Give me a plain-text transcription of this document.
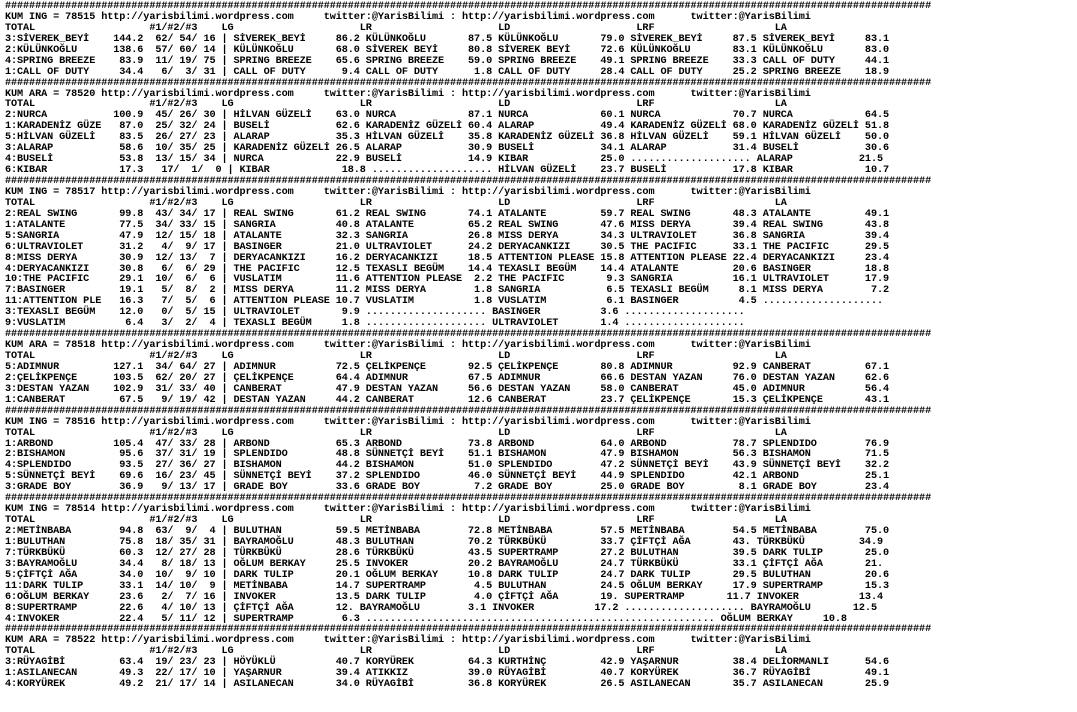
##########################################################################################################################################################
KUM ING = 78515 http://yarisbilimi.wordpress.com     twitter:@YarisBilimi : http://yarisbilimi.wordpress.com      twitter:@YarisBilimi
TOTAL                   #1/#2/#3    LG                     LR                     LD                     LRF                    LA
3:SİVEREK_BEYİ    144.2  62/ 54/ 16 | SİVEREK_BEYİ     86.2 KÜLÜNKOĞLU       87.5 KÜLÜNKOĞLU       79.0 SİVEREK_BEYİ     87.5 SİVEREK_BEYİ     83.1
2:KÜLÜNKOĞLU      138.6  57/ 60/ 14 | KÜLÜNKOĞLU       68.0 SİVEREK BEYİ     80.8 SİVEREK BEYİ     72.6 KÜLÜNKOĞLU       83.1 KÜLÜNKOĞLU       83.0
4:SPRING BREEZE    83.9  11/ 19/ 75 | SPRING BREEZE    65.6 SPRING BREEZE    59.0 SPRING BREEZE    49.1 SPRING BREEZE    33.3 CALL OF DUTY     44.1
1:CALL OF DUTY     34.4   6/  3/ 31 | CALL OF DUTY      9.4 CALL OF DUTY      1.8 CALL OF DUTY     28.4 CALL OF DUTY     25.2 SPRING BREEZE    18.9
##########################################################################################################################################################
KUM ARA = 78520 http://yarisbilimi.wordpress.com     twitter:@YarisBilimi : http://yarisbilimi.wordpress.com      twitter:@YarisBilimi
TOTAL                   #1/#2/#3    LG                     LR                     LD                     LRF                    LA
2:NURCA           100.9  45/ 26/ 30 | HİLVAN GÜZELİ    63.0 NURCA            87.1 NURCA            60.1 NURCA            70.7 NURCA            64.5
1:KARADENİZ GÜZE   87.0  25/ 32/ 24 | BUSELİ           62.6 KARADENİZ GÜZELİ 60.4 ALARAP           49.4 KARADENİZ GÜZELİ 68.0 KARADENİZ GÜZELİ 51.8
5:HİLVAN GÜZELİ    83.5  26/ 27/ 23 | ALARAP           35.3 HİLVAN GÜZELİ    35.8 KARADENİZ GÜZELİ 36.8 HİLVAN GÜZELİ    59.1 HİLVAN GÜZELİ    50.0
3:ALARAP           58.6  10/ 35/ 25 | KARADENİZ GÜZELİ 26.5 ALARAP           30.9 BUSELİ           34.1 ALARAP           31.4 BUSELİ           30.6
4:BUSELİ           53.8  13/ 15/ 34 | NURCA            22.9 BUSELİ           14.9 KIBAR            25.0 .................... ALARAP           21.5
6:KIBAR            17.3   17/  1/  0 | KIBAR            18.8 .................... HİLVAN GÜZELİ    23.7 BUSELİ           17.8 KIBAR            10.7
##########################################################################################################################################################
KUM ING = 78517 http://yarisbilimi.wordpress.com     twitter:@YarisBilimi : http://yarisbilimi.wordpress.com      twitter:@YarisBilimi
TOTAL                   #1/#2/#3    LG                     LR                     LD                     LRF                    LA
2:REAL SWING       99.8  43/ 34/ 17 | REAL SWING       61.2 REAL SWING       74.1 ATALANTE         59.7 REAL SWING       48.3 ATALANTE         49.1
1:ATALANTE         77.5  34/ 33/ 15 | SANGRIA          40.8 ATALANTE         65.2 REAL SWING       47.6 MISS DERYA       39.4 REAL SWING       43.8
5:SANGRIA          47.9  12/ 15/ 18 | ATALANTE         32.3 SANGRIA          26.8 MISS DERYA       34.3 ULTRAVIOLET      36.8 SANGRIA          39.4
6:ULTRAVIOLET      31.2   4/  9/ 17 | BASINGER         21.0 ULTRAVIOLET      24.2 DERYACANKIZI     30.5 THE PACIFIC      33.1 THE PACIFIC      29.5
8:MISS DERYA       30.9  12/ 13/  7 | DERYACANKIZI     16.2 DERYACANKIZI     18.5 ATTENTION PLEASE 15.8 ATTENTION PLEASE 22.4 DERYACANKIZI     23.4
4:DERYACANKIZI     30.8   6/  6/ 29 | THE PACIFIC      12.5 TEXASLI BEGÜM    14.4 TEXASLI BEGÜM    14.4 ATALANTE         20.6 BASINGER         18.8
10:THE PACIFIC     29.1  10/  6/  6 | VUSLATIM         11.6 ATTENTION PLEASE  2.2 THE PACIFIC       9.3 SANGRIA          16.1 ULTRAVIOLET      17.9
7:BASINGER         19.1   5/  8/  2 | MISS DERYA       11.2 MISS DERYA        1.8 SANGRIA           6.5 TEXASLI BEGÜM     8.1 MISS DERYA        7.2
11:ATTENTION PLE   16.3   7/  5/  6 | ATTENTION PLEASE 10.7 VUSLATIM          1.8 VUSLATIM          6.1 BASINGER          4.5 ....................
3:TEXASLI BEGÜM    12.0   0/  5/ 15 | ULTRAVIOLET       9.9 .................... BASINGER          3.6 ....................
9:VUSLATIM          6.4   3/  2/  4 | TEXASLI BEGÜM     1.8 .................... ULTRAVIOLET       1.4 ....................
##########################################################################################################################################################
KUM ARA = 78518 http://yarisbilimi.wordpress.com     twitter:@YarisBilimi : http://yarisbilimi.wordpress.com      twitter:@YarisBilimi
TOTAL                   #1/#2/#3    LG                     LR                     LD                     LRF                    LA
5:ADIMNUR         127.1  34/ 64/ 27 | ADIMNUR          72.5 ÇELİKPENÇE       92.5 ÇELİKPENÇE       80.8 ADIMNUR          92.9 CANBERAT         67.1
2:ÇELİKPENÇE      103.5  62/ 20/ 27 | ÇELİKPENÇE       64.4 ADIMNUR          67.5 ADIMNUR          66.6 DESTAN YAZAN     76.0 DESTAN YAZAN     62.6
3:DESTAN YAZAN    102.9  31/ 33/ 40 | CANBERAT         47.9 DESTAN YAZAN     56.6 DESTAN YAZAN     58.0 CANBERAT         45.0 ADIMNUR          56.4
1:CANBERAT         67.5   9/ 19/ 42 | DESTAN YAZAN     44.2 CANBERAT         12.6 CANBERAT         23.7 ÇELİKPENÇE       15.3 ÇELİKPENÇE       43.1
##########################################################################################################################################################
KUM ING = 78516 http://yarisbilimi.wordpress.com     twitter:@YarisBilimi : http://yarisbilimi.wordpress.com      twitter:@YarisBilimi
TOTAL                   #1/#2/#3    LG                     LR                     LD                     LRF                    LA
1:ARBOND          105.4  47/ 33/ 28 | ARBOND           65.3 ARBOND           73.8 ARBOND           64.0 ARBOND           78.7 SPLENDIDO        76.9
2:BISHAMON         95.6  37/ 31/ 19 | SPLENDIDO        48.8 SÜNNETÇİ BEYİ    51.1 BISHAMON         47.9 BISHAMON         56.3 BISHAMON         71.5
4:SPLENDIDO        93.5  27/ 36/ 27 | BISHAMON         44.2 BISHAMON         51.0 SPLENDIDO        47.2 SÜNNETÇİ BEYİ    43.9 SÜNNETÇİ BEYİ    32.2
5:SÜNNETÇİ BEYİ    69.6  16/ 23/ 45 | SÜNNETÇİ BEYİ    37.2 SPLENDIDO        46.0 SÜNNETÇİ BEYİ    44.9 SPLENDIDO        42.1 ARBOND           25.1
3:GRADE BOY        36.9   9/ 13/ 17 | GRADE BOY        33.6 GRADE BOY         7.2 GRADE BOY        25.0 GRADE BOY         8.1 GRADE BOY        23.4
##########################################################################################################################################################
KUM ING = 78514 http://yarisbilimi.wordpress.com     twitter:@YarisBilimi : http://yarisbilimi.wordpress.com      twitter:@YarisBilimi
TOTAL                   #1/#2/#3    LG                     LR                     LD                     LRF                    LA
2:METİNBABA        94.8  63/  9/  4 | BULUTHAN         59.5 METİNBABA        72.8 METİNBABA        57.5 METİNBABA        54.5 METİNBABA        75.0
1:BULUTHAN         75.8  18/ 35/ 31 | BAYRAMOĞLU       48.3 BULUTHAN         70.2 TÜRKBÜKÜ         33.7 ÇİFTÇİ AĞA       43. TÜRKBÜKÜ         34.9
7:TÜRKBÜKÜ         60.3  12/ 27/ 28 | TÜRKBÜKÜ         28.6 TÜRKBÜKÜ         43.5 SUPERTRAMP       27.2 BULUTHAN         39.5 DARK TULIP       25.0
3:BAYRAMOĞLU       34.4   8/ 18/ 13 | OĞLUM BERKAY     25.5 INVOKER          20.2 BAYRAMOĞLU       24.7 TÜRKBÜKÜ         33.1 ÇİFTÇİ AĞA       21.
5:ÇİFTÇİ AĞA       34.0  10/  9/ 10 | DARK TULIP       20.1 OĞLUM BERKAY     10.8 DARK TULIP       24.7 DARK TULIP       29.5 BULUTHAN         20.6
11:DARK TULIP      33.1  14/ 10/  9 | METİNBABA        14.7 SUPERTRAMP        4.5 BULUTHAN         24.5 OĞLUM BERKAY     17.9 SUPERTRAMP       15.3
6:OĞLUM BERKAY     23.6   2/  7/ 16 | INVOKER          13.5 DARK TULIP        4.0 ÇİFTÇİ AĞA       19. SUPERTRAMP       11.7 INVOKER          13.4
8:SUPERTRAMP       22.6   4/ 10/ 13 | ÇİFTÇİ AĞA       12. BAYRAMOĞLU        3.1 INVOKER          17.2 .................... BAYRAMOĞLU       12.5
4:INVOKER          22.4   5/ 11/ 12 | SUPERTRAMP        6.3 .......................................................... OĞLUM BERKAY     10.8
##########################################################################################################################################################
KUM ARA = 78522 http://yarisbilimi.wordpress.com     twitter:@YarisBilimi : http://yarisbilimi.wordpress.com      twitter:@YarisBilimi
TOTAL                   #1/#2/#3    LG                     LR                     LD                     LRF                    LA
3:RÜYAGİBİ         63.4  19/ 23/ 23 | HÖYÜKLÜ          40.7 KORYÜREK         64.3 KURTHİNÇ         42.9 YAŞARNUR         38.4 DELİORMANLI      54.6
1:ASILANECAN       49.3  22/ 17/ 10 | YAŞARNUR         39.4 ATIKKIZ          39.0 RÜYAGİBİ         40.7 KORYÜREK         36.7 RÜYAGİBİ         49.1
4:KORYÜREK         49.2  21/ 17/ 14 | ASILANECAN       34.0 RÜYAGİBİ         36.8 KORYÜREK         26.5 ASILANECAN       35.7 ASILANECAN       25.9
